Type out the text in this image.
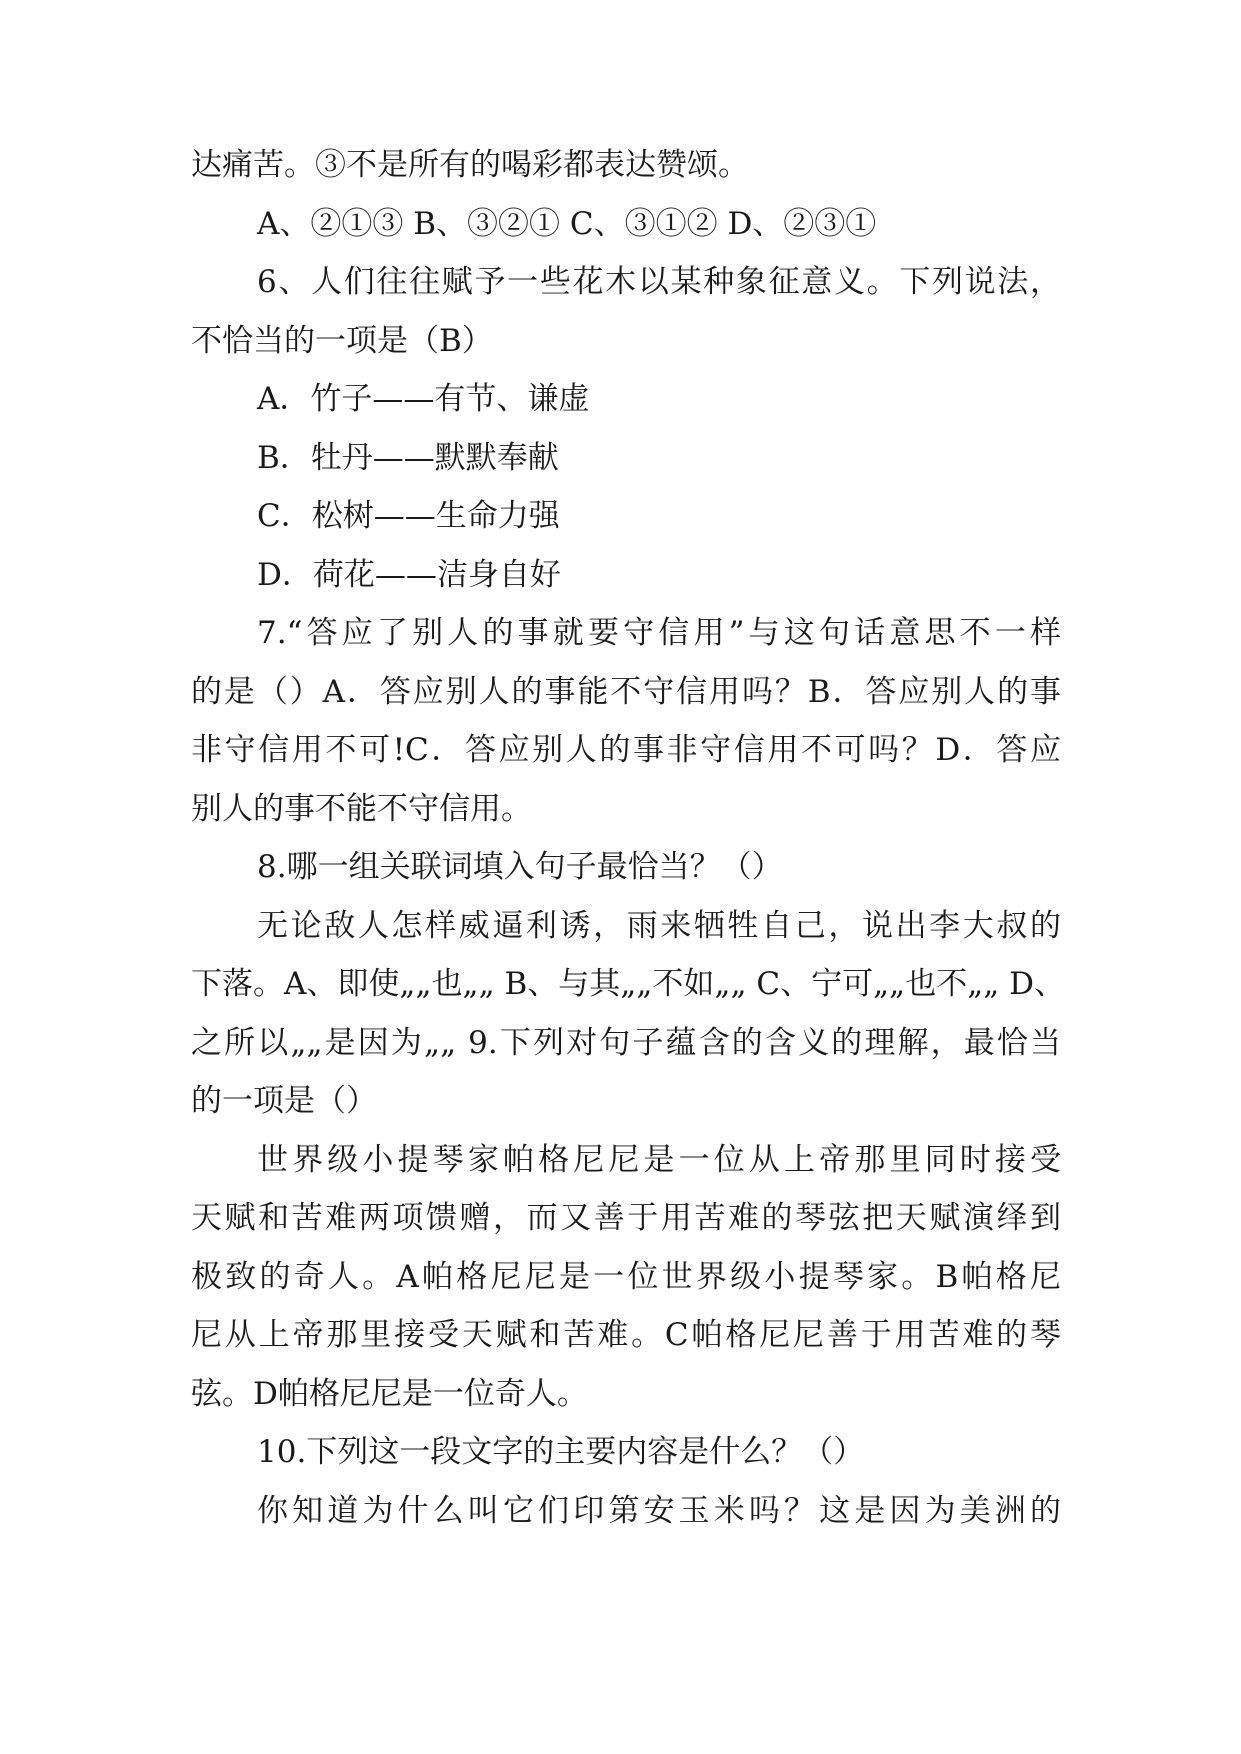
达痛苦。③不是所有的喝彩都表达赞颂。
A、②①③ B、③②① C、③①② D、②③①
6、人们往往赋予一些花木以某种象征意义。下列说法，
不恰当的一项是（B）
A．竹子——有节、谦虚
B．牡丹——默默奉献
C．松树——生命力强
D．荷花——洁身自好
7.“答应了别人的事就要守信用”与这句话意思不一样
的是（）A．答应别人的事能不守信用吗？B．答应别人的事
非守信用不可!C．答应别人的事非守信用不可吗？D．答应
别人的事不能不守信用。
8.哪一组关联词填入句子最恰当？（）
无论敌人怎样威逼利诱，雨来牺牲自己，说出李大叔的
下落。A、即使„„也„„ B、与其„„不如„„ C、宁可„„也不„„ D、
之所以„„是因为„„ 9.下列对句子蕴含的含义的理解，最恰当
的一项是（）
世界级小提琴家帕格尼尼是一位从上帝那里同时接受
天赋和苦难两项馈赠，而又善于用苦难的琴弦把天赋演绎到
极致的奇人。A帕格尼尼是一位世界级小提琴家。B帕格尼
尼从上帝那里接受天赋和苦难。C帕格尼尼善于用苦难的琴
弦。D帕格尼尼是一位奇人。
10.下列这一段文字的主要内容是什么？（）
你知道为什么叫它们印第安玉米吗？这是因为美洲的
